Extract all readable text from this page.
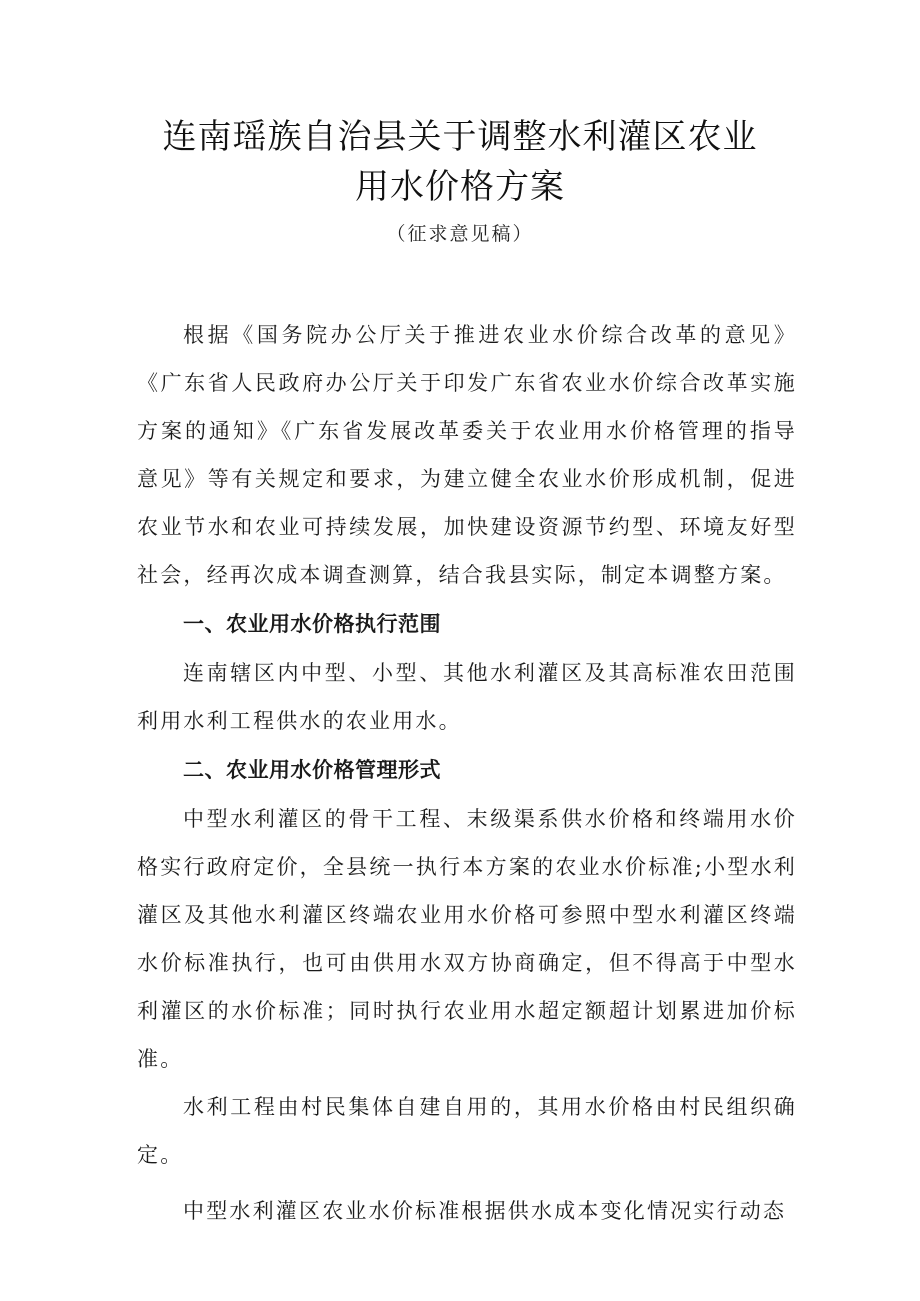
连南瑶族自治县关于调整水利灌区农业
用水价格方案
（征求意见稿）

根据《国务院办公厅关于推进农业水价综合改革的意见》《广东省人民政府办公厅关于印发广东省农业水价综合改革实施方案的通知》《广东省发展改革委关于农业用水价格管理的指导意见》等有关规定和要求，为建立健全农业水价形成机制，促进农业节水和农业可持续发展，加快建设资源节约型、环境友好型社会，经再次成本调查测算，结合我县实际，制定本调整方案。

一、农业用水价格执行范围

连南辖区内中型、小型、其他水利灌区及其高标准农田范围利用水利工程供水的农业用水。

二、农业用水价格管理形式

中型水利灌区的骨干工程、末级渠系供水价格和终端用水价格实行政府定价，全县统一执行本方案的农业水价标准;小型水利灌区及其他水利灌区终端农业用水价格可参照中型水利灌区终端水价标准执行，也可由供用水双方协商确定，但不得高于中型水利灌区的水价标准；同时执行农业用水超定额超计划累进加价标准。

水利工程由村民集体自建自用的，其用水价格由村民组织确定。

中型水利灌区农业水价标准根据供水成本变化情况实行动态
